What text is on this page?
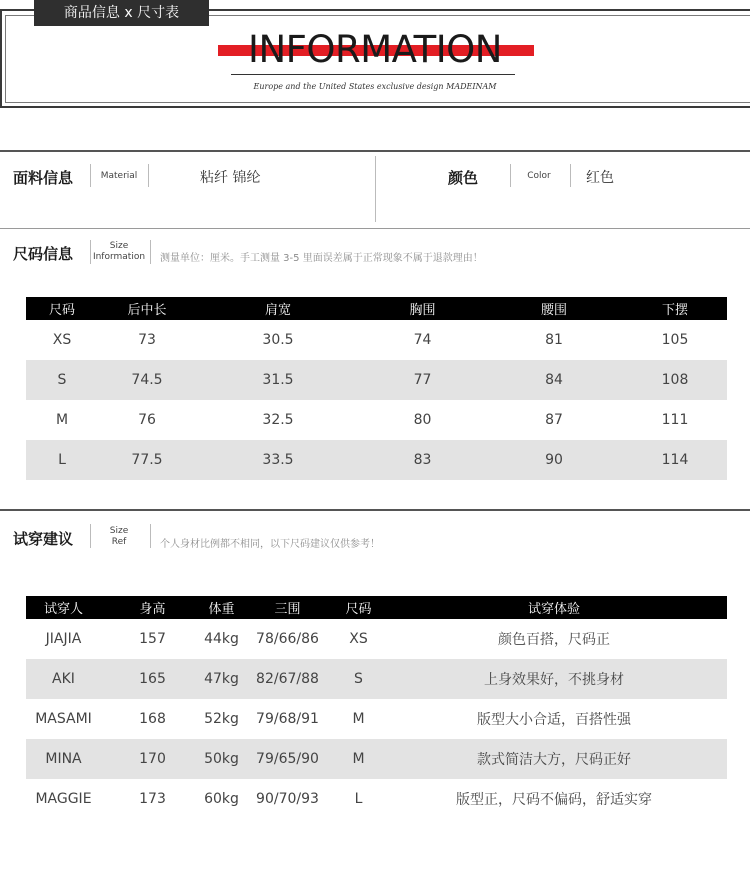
商品信息 x 尺寸表
INFORMATION
Europe and the United States exclusive design MADEINAM
面料信息	Material	粘纤 锦纶	颜色	Color	红色
尺码信息	Size
Information 测量单位：厘米。手工测量 3-5 里面误差属于正常现象不属于退款理由！
尺码	后中长	肩宽	胸围	腰围	下摆
XS	73	30.5	74	81	105
S	74.5	31.5	77	84	108
M	76	32.5	80	87	111
L	77.5	33.5	83	90	114
试穿建议	Size
Ref	个人身材比例都不相同，以下尺码建议仅供参考！
试穿人	身高	体重	三围	尺码	试穿体验
JIAJIA	157	44kg	78/66/86	XS	颜色百搭，尺码正
AKI	165	47kg	82/67/88	S	上身效果好，不挑身材
MASAMI	168	52kg	79/68/91	M	版型大小合适，百搭性强
MINA	170	50kg	79/65/90	M	款式简洁大方，尺码正好
MAGGIE	173	60kg	90/70/93	L	版型正，尺码不偏码，舒适实穿
